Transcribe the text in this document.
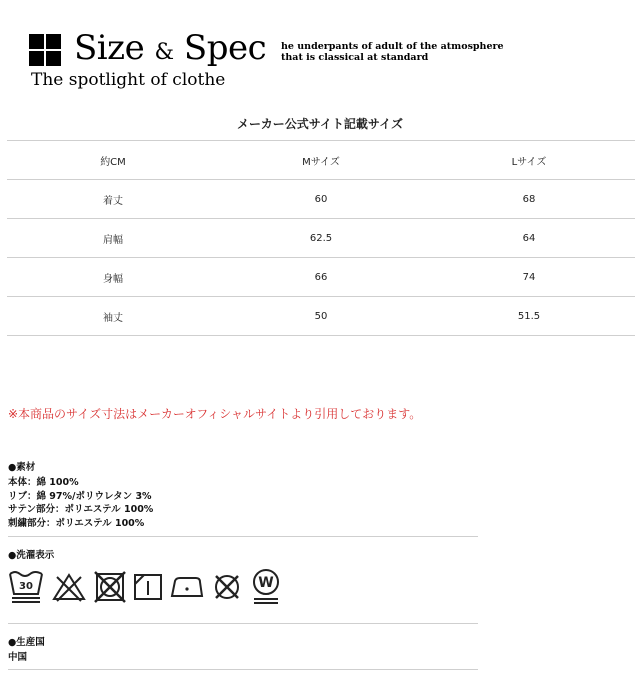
Size & Spec
The spotlight of clothe
he underpants of adult of the atmosphere
that is classical at standard
メーカー公式サイト記載サイズ
約CM	Mサイズ	Lサイズ
着丈	60	68
肩幅	62.5	64
身幅	66	74
袖丈	50	51.5
※本商品のサイズ寸法はメーカーオフィシャルサイトより引用しております。
●素材
本体：綿 100%
リブ：綿 97%/ポリウレタン 3%
サテン部分：ポリエステル 100%
刺繍部分：ポリエステル 100%
●洗濯表示
30	W
●生産国
中国
